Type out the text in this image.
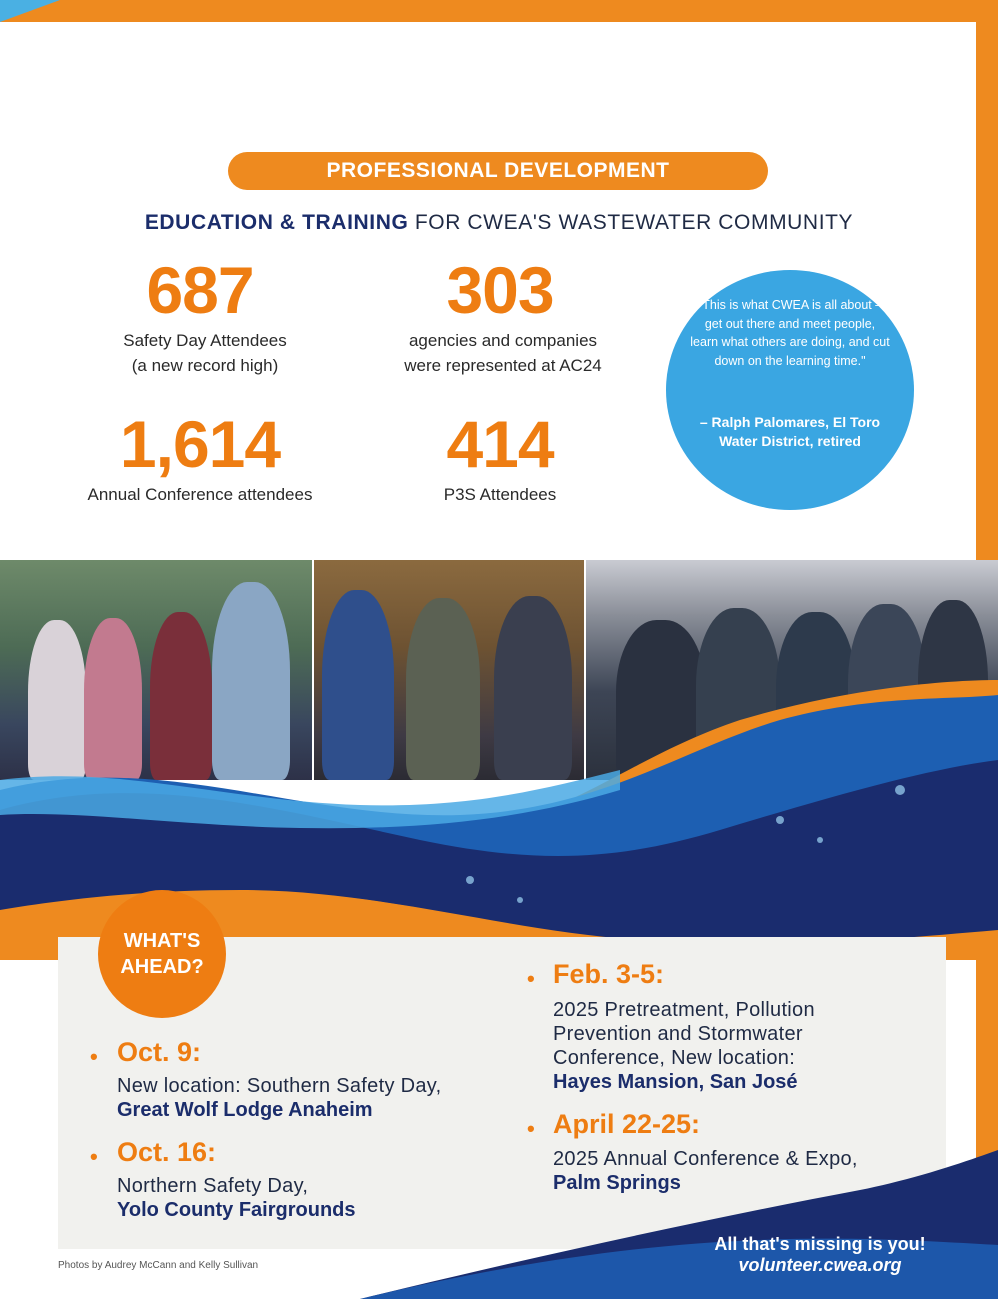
PROFESSIONAL DEVELOPMENT
EDUCATION & TRAINING FOR CWEA'S WASTEWATER COMMUNITY
687
Safety Day Attendees
(a new record high)
303
agencies and companies
were represented at AC24
1,614
Annual Conference attendees
414
P3S Attendees
"This is what CWEA is all about – get out there and meet people, learn what others are doing, and cut down on the learning time."
– Ralph Palomares, El Toro Water District, retired
WHAT'S
AHEAD?
• Oct. 9:
New location: Southern Safety Day,
Great Wolf Lodge Anaheim
• Oct. 16:
Northern Safety Day,
Yolo County Fairgrounds
• Feb. 3-5:
2025 Pretreatment, Pollution
Prevention and Stormwater
Conference, New location:
Hayes Mansion, San José
• April 22-25:
2025 Annual Conference & Expo,
Palm Springs
All that's missing is you!
volunteer.cwea.org
Photos by Audrey McCann and Kelly Sullivan
